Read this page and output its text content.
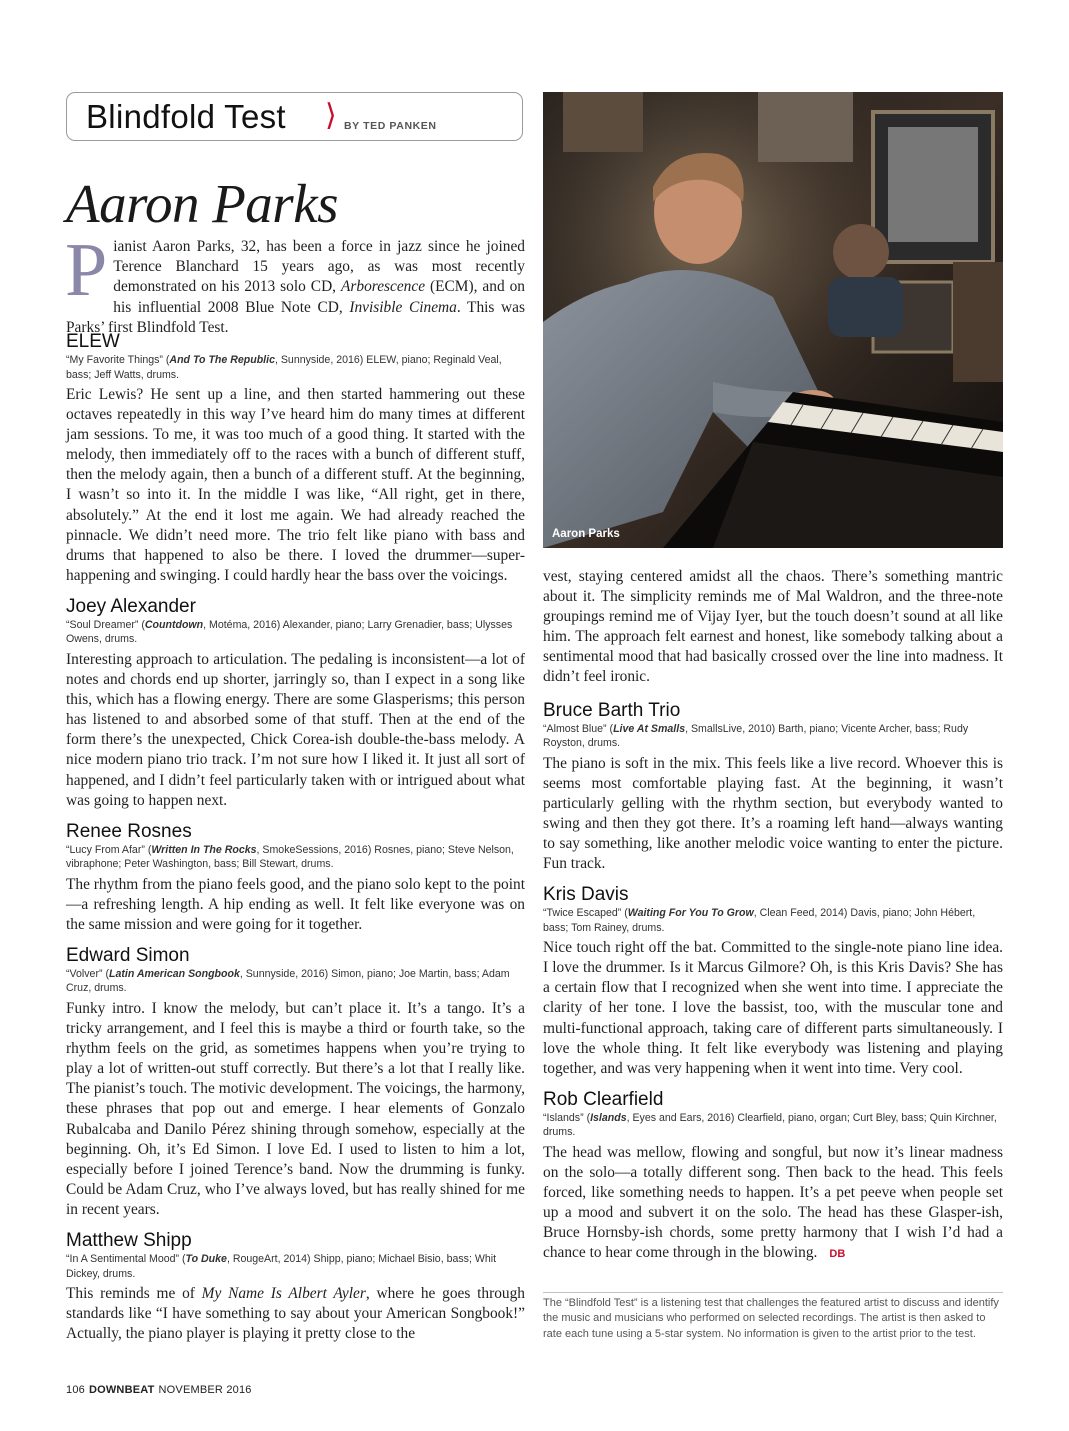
Blindfold Test ⟩ BY TED PANKEN
Aaron Parks
Pianist Aaron Parks, 32, has been a force in jazz since he joined Terence Blanchard 15 years ago, as was most recently demonstrated on his 2013 solo CD, Arborescence (ECM), and on his influential 2008 Blue Note CD, Invisible Cinema. This was Parks’ first Blindfold Test.
STEVEN SUSSMAN
Aaron Parks
ELEW
“My Favorite Things” (And To The Republic, Sunnyside, 2016) ELEW, piano; Reginald Veal, bass; Jeff Watts, drums.

Eric Lewis? He sent up a line, and then started hammering out these octaves repeatedly in this way I’ve heard him do many times at different jam sessions. To me, it was too much of a good thing. It started with the melody, then immediately off to the races with a bunch of different stuff, then the melody again, then a bunch of a different stuff. At the beginning, I wasn’t so into it. In the middle I was like, “All right, get in there, absolutely.” At the end it lost me again. We had already reached the pinnacle. We didn’t need more. The trio felt like piano with bass and drums that happened to also be there. I loved the drummer—super-happening and swinging. I could hardly hear the bass over the voicings.

Joey Alexander
“Soul Dreamer” (Countdown, Motéma, 2016) Alexander, piano; Larry Grenadier, bass; Ulysses Owens, drums.

Interesting approach to articulation. The pedaling is inconsistent—a lot of notes and chords end up shorter, jarringly so, than I expect in a song like this, which has a flowing energy. There are some Glasperisms; this person has listened to and absorbed some of that stuff. Then at the end of the form there’s the unexpected, Chick Corea-ish double-the-bass melody. A nice modern piano trio track. I’m not sure how I liked it. It just all sort of happened, and I didn’t feel particularly taken with or intrigued about what was going to happen next.

Renee Rosnes
“Lucy From Afar” (Written In The Rocks, SmokeSessions, 2016) Rosnes, piano; Steve Nelson, vibraphone; Peter Washington, bass; Bill Stewart, drums.

The rhythm from the piano feels good, and the piano solo kept to the point—a refreshing length. A hip ending as well. It felt like everyone was on the same mission and were going for it together.

Edward Simon
“Volver” (Latin American Songbook, Sunnyside, 2016) Simon, piano; Joe Martin, bass; Adam Cruz, drums.

Funky intro. I know the melody, but can’t place it. It’s a tango. It’s a tricky arrangement, and I feel this is maybe a third or fourth take, so the rhythm feels on the grid, as sometimes happens when you’re trying to play a lot of written-out stuff correctly. But there’s a lot that I really like. The pianist’s touch. The motivic development. The voicings, the harmony, these phrases that pop out and emerge. I hear elements of Gonzalo Rubalcaba and Danilo Pérez shining through somehow, especially at the beginning. Oh, it’s Ed Simon. I love Ed. I used to listen to him a lot, especially before I joined Terence’s band. Now the drumming is funky. Could be Adam Cruz, who I’ve always loved, but has really shined for me in recent years.

Matthew Shipp
“In A Sentimental Mood” (To Duke, RougeArt, 2014) Shipp, piano; Michael Bisio, bass; Whit Dickey, drums.

This reminds me of My Name Is Albert Ayler, where he goes through standards like “I have something to say about your American Songbook!” Actually, the piano player is playing it pretty close to the

vest, staying centered amidst all the chaos. There’s something mantric about it. The simplicity reminds me of Mal Waldron, and the three-note groupings remind me of Vijay Iyer, but the touch doesn’t sound at all like him. The approach felt earnest and honest, like somebody talking about a sentimental mood that had basically crossed over the line into madness. It didn’t feel ironic.

Bruce Barth Trio
“Almost Blue” (Live At Smalls, SmallsLive, 2010) Barth, piano; Vicente Archer, bass; Rudy Royston, drums.

The piano is soft in the mix. This feels like a live record. Whoever this is seems most comfortable playing fast. At the beginning, it wasn’t particularly gelling with the rhythm section, but everybody wanted to swing and then they got there. It’s a roaming left hand—always wanting to say something, like another melodic voice wanting to enter the picture. Fun track.

Kris Davis
“Twice Escaped” (Waiting For You To Grow, Clean Feed, 2014) Davis, piano; John Hébert, bass; Tom Rainey, drums.

Nice touch right off the bat. Committed to the single-note piano line idea. I love the drummer. Is it Marcus Gilmore? Oh, is this Kris Davis? She has a certain flow that I recognized when she went into time. I appreciate the clarity of her tone. I love the bassist, too, with the muscular tone and multi-functional approach, taking care of different parts simultaneously. I love the whole thing. It felt like everybody was listening and playing together, and was very happening when it went into time. Very cool.

Rob Clearfield
“Islands” (Islands, Eyes and Ears, 2016) Clearfield, piano, organ; Curt Bley, bass; Quin Kirchner, drums.

The head was mellow, flowing and songful, but now it’s linear madness on the solo—a totally different song. Then back to the head. This feels forced, like something needs to happen. It’s a pet peeve when people set up a mood and subvert it on the solo. The head has these Glasper-ish, Bruce Hornsby-ish chords, some pretty harmony that I wish I’d had a chance to hear come through in the blowing. DB

The “Blindfold Test” is a listening test that challenges the featured artist to discuss and identify the music and musicians who performed on selected recordings. The artist is then asked to rate each tune using a 5-star system. No information is given to the artist prior to the test.
106 DOWNBEAT NOVEMBER 2016
